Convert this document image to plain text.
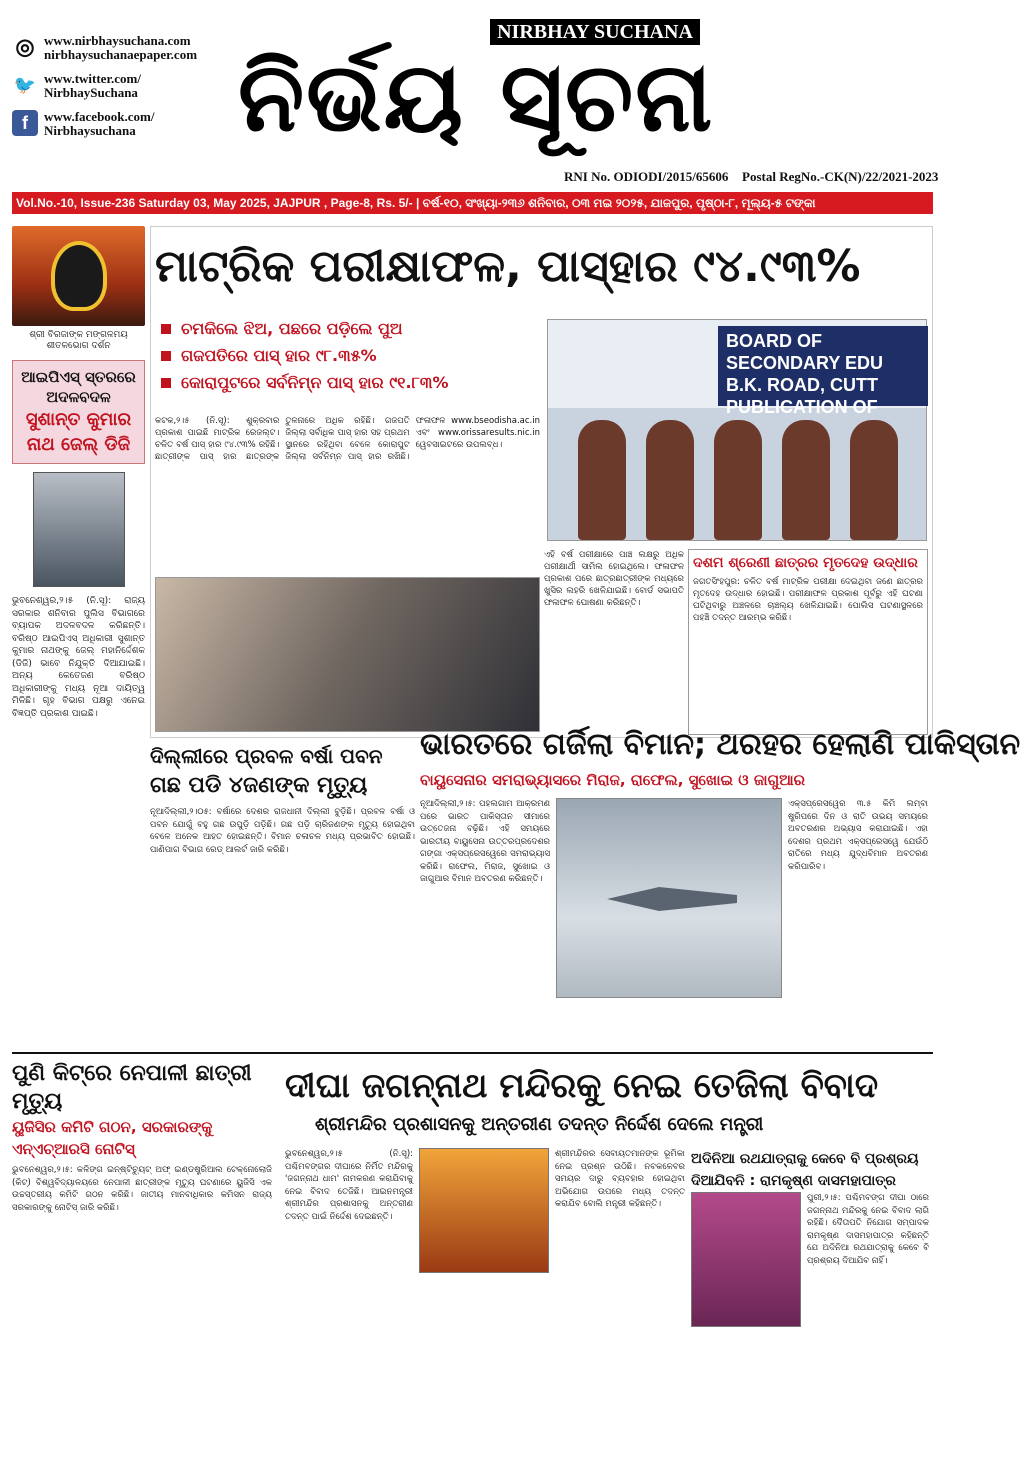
◎ www.nirbhaysuchana.com
nirbhaysuchanaepaper.com
🐦 www.twitter.com/
NirbhaySuchana
f	www.facebook.com/
Nirbhaysuchana
NIRBHAY SUCHANA
ନିର୍ଭୟ ସୂଚନା
RNI No. ODIODI/2015/65606 Postal RegNo.-CK(N)/22/2021-2023
Vol.No.-10, Issue-236 Saturday 03, May 2025, JAJPUR , Page-8, Rs. 5/- | ବର୍ଷ-୧୦, ସଂଖ୍ୟା-୨୩୬ ଶନିବାର, ୦୩ ମଇ ୨୦୨୫, ଯାଜପୁର, ପୃଷ୍ଠା-୮, ମୂଲ୍ୟ-୫ ଟଙ୍କା
ଶ୍ରୀ ବିରଜାଙ୍କ ମଙ୍ଗଳମୟ ଶୀତଳଭୋଗ ଦର୍ଶନ
ଆଇପିଏସ୍ ସ୍ତରରେ
ଅଦଳବଦଳ
ସୁଶାନ୍ତ କୁମାର ନାଥ ଜେଲ୍ ଡିଜି
ଭୁବନେଶ୍ୱର,୨।୫ (ନି.ସୂ): ରାଜ୍ୟ ସରକାର ଶନିବାର ପୁଲିସ ବିଭାଗରେ ବ୍ୟାପକ ଅଦଳବଦଳ କରିଛନ୍ତି। ବରିଷ୍ଠ ଆଇପିଏସ୍ ଅଧିକାରୀ ସୁଶାନ୍ତ କୁମାର ନାଥଙ୍କୁ ଜେଲ୍ ମହାନିର୍ଦ୍ଦେଶକ (ଡିଜି) ଭାବେ ନିଯୁକ୍ତି ଦିଆଯାଇଛି। ଅନ୍ୟ କେତେଜଣ ବରିଷ୍ଠ ଅଧିକାରୀଙ୍କୁ ମଧ୍ୟ ନୂଆ ଦାୟିତ୍ୱ ମିଳିଛି। ଗୃହ ବିଭାଗ ପକ୍ଷରୁ ଏନେଇ ବିଜ୍ଞପ୍ତି ପ୍ରକାଶ ପାଇଛି।
ମାଟ୍ରିକ ପରୀକ୍ଷାଫଳ, ପାସ୍‌ହାର ୯୪.୯୩%
ଚମକିଲେ ଝିଅ, ପଛରେ ପଡ଼ିଲେ ପୁଅ
ଗଜପତିରେ ପାସ୍ ହାର ୯୮.୩୫%
କୋରାପୁଟରେ ସର୍ବନିମ୍ନ ପାସ୍ ହାର ୯୧.୮୩%
କଟକ,୨।୫ (ନି.ସୂ): ଶୁକ୍ରବାର ପ୍ରକାଶ ପାଇଛି ମାଟ୍ରିକ ରେଜଲ୍ଟ। ଚଳିତ ବର୍ଷ ପାସ୍ ହାର ୯୪.୯୩% ରହିଛି। ଛାତ୍ରୀଙ୍କ ପାସ୍ ହାର ଛାତ୍ରଙ୍କ ତୁଳନାରେ ଅଧିକ ରହିଛି। ଗଜପତି ଜିଲ୍ଲା ସର୍ବାଧିକ ପାସ୍ ହାର ସହ ପ୍ରଥମ ସ୍ଥାନରେ ରହିଥିବା ବେଳେ କୋରାପୁଟ ଜିଲ୍ଲା ସର୍ବନିମ୍ନ ପାସ୍ ହାର ରଖିଛି। ଫଳାଫଳ www.bseodisha.ac.in ଏବଂ www.orissaresults.nic.in ୱେବସାଇଟରେ ଉପଲବ୍ଧ।
BOARD OF SECONDARY EDU B.K. ROAD, CUTT PUBLICATION OF
ଏହି ବର୍ଷ ପରୀକ୍ଷାରେ ପାଞ୍ଚ ଲକ୍ଷରୁ ଅଧିକ ପରୀକ୍ଷାର୍ଥୀ ସାମିଲ ହୋଇଥିଲେ। ଫଳାଫଳ ପ୍ରକାଶ ପରେ ଛାତ୍ରଛାତ୍ରୀଙ୍କ ମଧ୍ୟରେ ଖୁସିର ଲହରି ଖେଳିଯାଇଛି। ବୋର୍ଡ ସଭାପତି ଫଳାଫଳ ଘୋଷଣା କରିଛନ୍ତି।
ଦଶମ ଶ୍ରେଣୀ ଛାତ୍ରର ମୃତଦେହ ଉଦ୍ଧାର
ଜଗତସିଂହପୁର: ଚଳିତ ବର୍ଷ ମାଟ୍ରିକ ପରୀକ୍ଷା ଦେଇଥିବା ଜଣେ ଛାତ୍ରର ମୃତଦେହ ଉଦ୍ଧାର ହୋଇଛି। ପରୀକ୍ଷାଫଳ ପ୍ରକାଶ ପୂର୍ବରୁ ଏହି ଘଟଣା ଘଟିଥିବାରୁ ଅଞ୍ଚଳରେ ଚାଞ୍ଚଲ୍ୟ ଖେଳିଯାଇଛି। ପୋଲିସ ଘଟଣାସ୍ଥଳରେ ପହଞ୍ଚି ତଦନ୍ତ ଆରମ୍ଭ କରିଛି।
ଦିଲ୍ଲୀରେ ପ୍ରବଳ ବର୍ଷା ପବନ
ଗଛ ପଡି ୪ଜଣଙ୍କ ମୃତ୍ୟୁ
ନୂଆଦିଲ୍ଲୀ,୨।୦୫: ବର୍ଷାରେ ଦେଶର ରାଜଧାନୀ ଦିଲ୍ଲୀ ବୁଡ଼ିଛି। ପ୍ରବଳ ବର୍ଷା ଓ ପବନ ଯୋଗୁଁ ବହୁ ଗଛ ଉପୁଡ଼ି ପଡ଼ିଛି। ଗଛ ପଡ଼ି ଚାରିଜଣଙ୍କ ମୃତ୍ୟୁ ହୋଇଥିବା ବେଳେ ଅନେକ ଆହତ ହୋଇଛନ୍ତି। ବିମାନ ଚଳାଚଳ ମଧ୍ୟ ପ୍ରଭାବିତ ହୋଇଛି। ପାଣିପାଗ ବିଭାଗ ରେଡ୍ ଆଲର୍ଟ ଜାରି କରିଛି।
ଭାରତରେ ଗର୍ଜିଲା ବିମାନ; ଥରହର ହେଲାଣି ପାକିସ୍ତାନ
ବାୟୁସେନାର ସମରାଭ୍ୟାସରେ ମିରାଜ, ରାଫେଲ, ସୁଖୋଇ ଓ ଜାଗୁଆର
ନୂଆଦିଲ୍ଲୀ,୨।୫: ପହଲଗାମ ଆକ୍ରମଣ ପରେ ଭାରତ ପାକିସ୍ତାନ ସୀମାରେ ଉତ୍ତେଜନା ବଢ଼ିଛି। ଏହି ସମୟରେ ଭାରତୀୟ ବାୟୁସେନା ଉତ୍ତରପ୍ରଦେଶର ଗଙ୍ଗା ଏକ୍ସପ୍ରେସୱେରେ ସମରାଭ୍ୟାସ କରିଛି। ରାଫେଲ, ମିରାଜ, ସୁଖୋଇ ଓ ଜାଗୁଆର ବିମାନ ଅବତରଣ କରିଛନ୍ତି।
ଏକ୍ସପ୍ରେସୱେର ୩.୫ କିମି ଲମ୍ବା ଷ୍ଟ୍ରିପରେ ଦିନ ଓ ରାତି ଉଭୟ ସମୟରେ ଅବତରଣର ଅଭ୍ୟାସ କରାଯାଇଛି। ଏହା ଦେଶର ପ୍ରଥମ ଏକ୍ସପ୍ରେସୱେ ଯେଉଁଠି ରାତିରେ ମଧ୍ୟ ଯୁଦ୍ଧବିମାନ ଅବତରଣ କରିପାରିବ।
ପୁଣି କିଟ୍‌ରେ ନେପାଳୀ ଛାତ୍ରୀ ମୃତ୍ୟୁ
ୟୁଜିସିର କମିଟି ଗଠନ, ସରକାରଙ୍କୁ ଏନ୍‌ଏଚ୍‌ଆରସି ନୋଟିସ୍
ଭୁବନେଶ୍ୱର,୨।୫: କଳିଙ୍ଗ ଇନ୍‌ଷ୍ଟିଚ୍ୟୁଟ୍ ଅଫ୍ ଇଣ୍ଡଷ୍ଟ୍ରିଆଲ ଟେକ୍ନୋଲୋଜି (କିଟ୍) ବିଶ୍ୱବିଦ୍ୟାଳୟରେ ନେପାଳୀ ଛାତ୍ରୀଙ୍କ ମୃତ୍ୟୁ ଘଟଣାରେ ୟୁଜିସି ଏକ ଉଚ୍ଚସ୍ତରୀୟ କମିଟି ଗଠନ କରିଛି। ଜାତୀୟ ମାନବାଧିକାର କମିସନ ରାଜ୍ୟ ସରକାରଙ୍କୁ ନୋଟିସ୍ ଜାରି କରିଛି।
ଦୀଘା ଜଗନ୍ନାଥ ମନ୍ଦିରକୁ ନେଇ ତେଜିଲା ବିବାଦ
ଶ୍ରୀମନ୍ଦିର ପ୍ରଶାସନକୁ ଅନ୍ତରୀଣ ତଦନ୍ତ ନିର୍ଦ୍ଦେଶ ଦେଲେ ମନ୍ତ୍ରୀ
ଭୁବନେଶ୍ୱର,୨।୫ (ନି.ସୂ): ପଶ୍ଚିମବଙ୍ଗର ଦୀଘାରେ ନିର୍ମିତ ମନ୍ଦିରକୁ 'ଜଗନ୍ନାଥ ଧାମ' ନାମକରଣ କରାଯିବାକୁ ନେଇ ବିବାଦ ତେଜିଛି। ଆଇନମନ୍ତ୍ରୀ ଶ୍ରୀମନ୍ଦିର ପ୍ରଶାସନକୁ ଅନ୍ତରୀଣ ତଦନ୍ତ ପାଇଁ ନିର୍ଦ୍ଦେଶ ଦେଇଛନ୍ତି।
ଶ୍ରୀମନ୍ଦିରର ସେବାୟତମାନଙ୍କ ଭୂମିକା ନେଇ ପ୍ରଶ୍ନ ଉଠିଛି। ନବକଳେବର ସମୟର ଦାରୁ ବ୍ୟବହାର ହୋଇଥିବା ଅଭିଯୋଗ ଉପରେ ମଧ୍ୟ ତଦନ୍ତ କରାଯିବ ବୋଲି ମନ୍ତ୍ରୀ କହିଛନ୍ତି।
ଅଦିନିଆ ରଥଯାତ୍ରାକୁ କେବେ ବି ପ୍ରଶ୍ରୟ ଦିଆଯିବନି : ରାମକୃଷ୍ଣ ଦାସମହାପାତ୍ର
ପୁରୀ,୨।୫: ପଶ୍ଚିମବଙ୍ଗ ଦୀଘା ଠାରେ ଜଗନ୍ନାଥ ମନ୍ଦିରକୁ ନେଇ ବିବାଦ ଲାଗି ରହିଛି। ଦୈତାପତି ନିଯୋଗ ସମ୍ପାଦକ ରାମକୃଷ୍ଣ ଦାସମହାପାତ୍ର କହିଛନ୍ତି ଯେ ଅଦିନିଆ ରଥଯାତ୍ରାକୁ କେବେ ବି ପ୍ରଶ୍ରୟ ଦିଆଯିବ ନାହିଁ।
